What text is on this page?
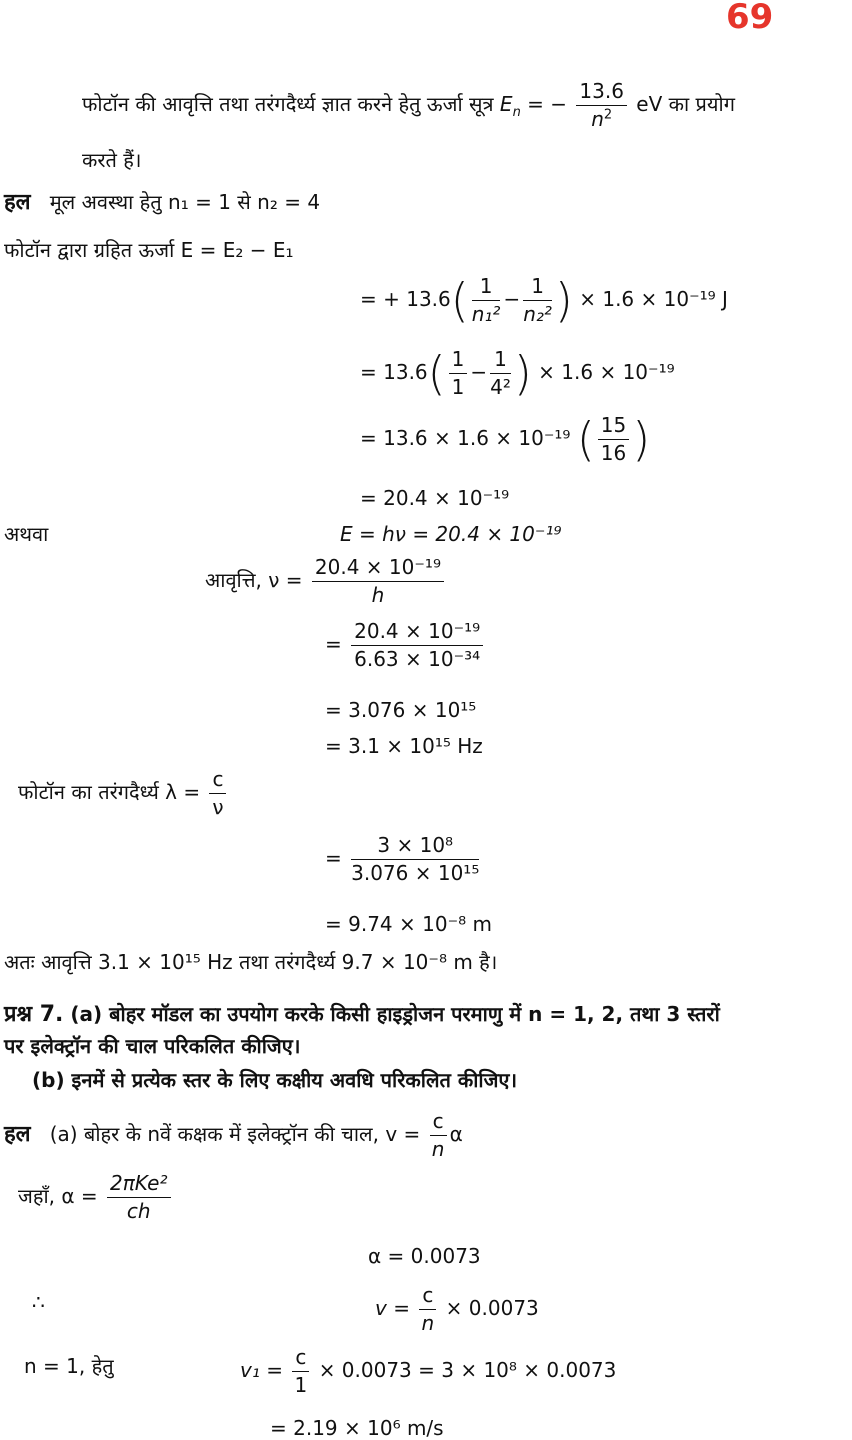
69
फोटॉन की आवृत्ति तथा तरंगदैर्ध्य ज्ञात करने हेतु ऊर्जा सूत्र $E_n$ = − $\frac{13.6}{n^2}$ eV का प्रयोग
करते हैं।
हल मूल अवस्था हेतु n₁ = 1 से n₂ = 4
फोटॉन द्वारा ग्रहित ऊर्जा E = E₂ − E₁
= + $13.6( \frac{1}{\text{n₁²}} - \frac{1}{\text{n₂²}}$ ) × 1.6 × 10⁻¹⁹ J
= $13.6( \frac{1}{1} - \frac{1}{\text{4²}}$ ) × 1.6 × 10⁻¹⁹
= 13.6 × 1.6 × 10⁻¹⁹ ( $\frac{15}{16}$ )
= 20.4 × 10⁻¹⁹
अथवा	E = hν = 20.4 × 10⁻¹⁹
आवृत्ति, $\nu = \frac{\text{20.4 × 10⁻¹⁹}}{h}$
= $\frac{\text{20.4 × 10⁻¹⁹}}{\text{6.63 × 10⁻³⁴}}$
= 3.076 × 10¹⁵
= 3.1 × 10¹⁵ Hz
फोटॉन का तरंगदैर्ध्य $\lambda = \frac{c}{\nu}$
= $\frac{\text{3 × 10⁸}}{\text{3.076 × 10¹⁵}}$
= 9.74 × 10⁻⁸ m
अतः आवृत्ति 3.1 × 10¹⁵ Hz तथा तरंगदैर्ध्य 9.7 × 10⁻⁸ m है।
प्रश्न 7. (a) बोहर मॉडल का उपयोग करके किसी हाइड्रोजन परमाणु में n = 1, 2, तथा 3 स्तरों
पर इलेक्ट्रॉन की चाल परिकलित कीजिए।
(b) इनमें से प्रत्येक स्तर के लिए कक्षीय अवधि परिकलित कीजिए।
हल (a) बोहर के nवें कक्षक में इलेक्ट्रॉन की चाल, $v = \frac{c}{n}$ α
जहाँ, $\alpha = \frac{\text{2πKe²}}{ch}$
α = 0.0073
∴	$v = \frac{c}{n} \times 0.0073$
n = 1, हेतु	$v_1 = \frac{c}{1} \times 0.0073 = 3 \times 10^8 \times 0.0073$
= 2.19 × 10⁶ m/s
